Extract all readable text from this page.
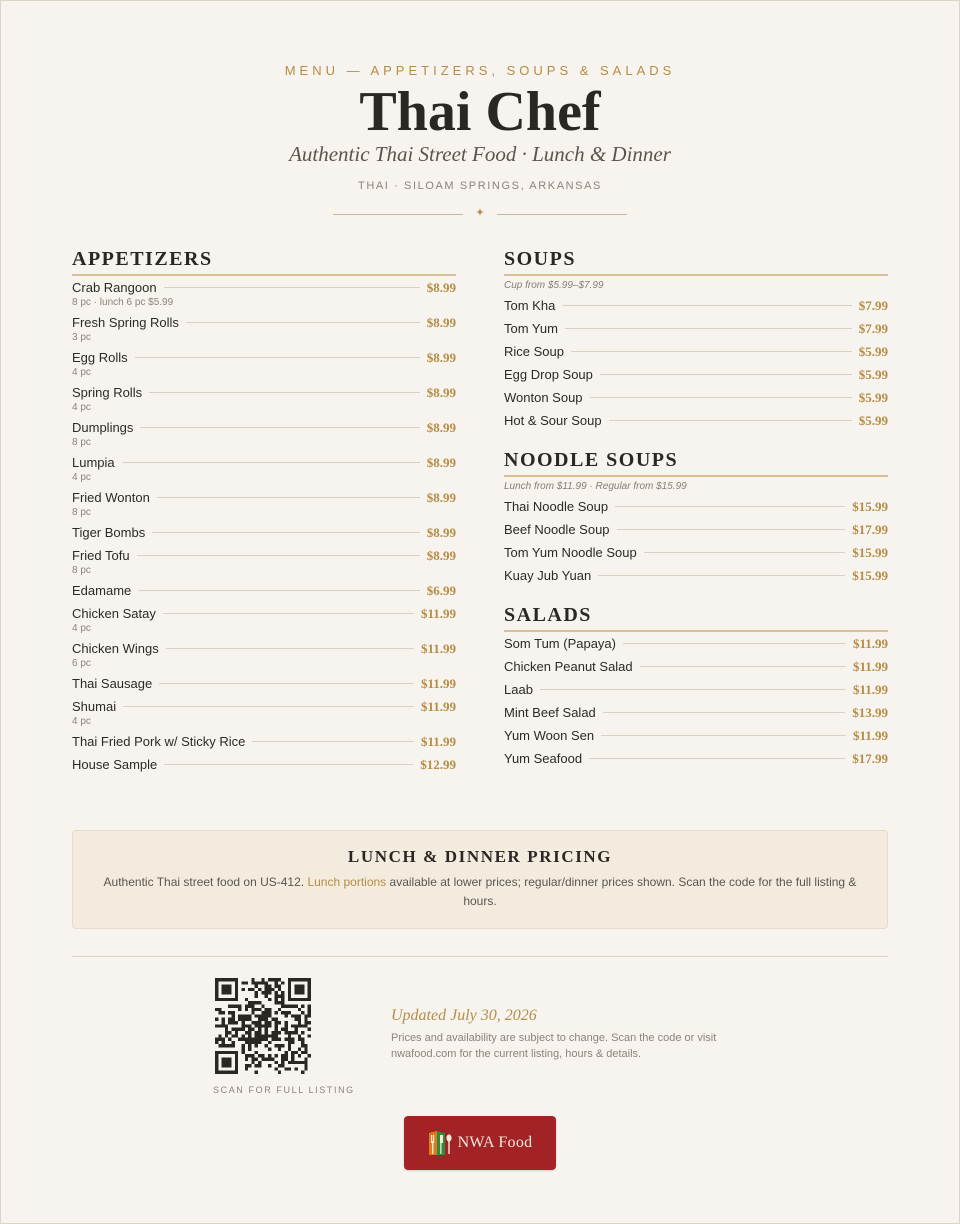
MENU — APPETIZERS, SOUPS & SALADS
Thai Chef
Authentic Thai Street Food · Lunch & Dinner
THAI · SILOAM SPRINGS, ARKANSAS
✦
APPETIZERS
Crab Rangoon	$8.99
8 pc · lunch 6 pc $5.99
Fresh Spring Rolls	$8.99
3 pc
Egg Rolls	$8.99
4 pc
Spring Rolls	$8.99
4 pc
Dumplings	$8.99
8 pc
Lumpia	$8.99
4 pc
Fried Wonton	$8.99
8 pc
Tiger Bombs	$8.99
Fried Tofu	$8.99
8 pc
Edamame	$6.99
Chicken Satay	$11.99
4 pc
Chicken Wings	$11.99
6 pc
Thai Sausage	$11.99
Shumai	$11.99
4 pc
Thai Fried Pork w/ Sticky Rice	$11.99
House Sample	$12.99
SOUPS
Cup from $5.99–$7.99
Tom Kha	$7.99
Tom Yum	$7.99
Rice Soup	$5.99
Egg Drop Soup	$5.99
Wonton Soup	$5.99
Hot & Sour Soup	$5.99
NOODLE SOUPS
Lunch from $11.99 · Regular from $15.99
Thai Noodle Soup	$15.99
Beef Noodle Soup	$17.99
Tom Yum Noodle Soup	$15.99
Kuay Jub Yuan	$15.99
SALADS
Som Tum (Papaya)	$11.99
Chicken Peanut Salad	$11.99
Laab	$11.99
Mint Beef Salad	$13.99
Yum Woon Sen	$11.99
Yum Seafood	$17.99
LUNCH & DINNER PRICING
Authentic Thai street food on US-412. Lunch portions available at lower prices; regular/dinner prices shown. Scan the code for the full listing & hours.
SCAN FOR FULL LISTING
Updated July 30, 2026
Prices and availability are subject to change. Scan the code or visit nwafood.com for the current listing, hours & details.
NWA Food
